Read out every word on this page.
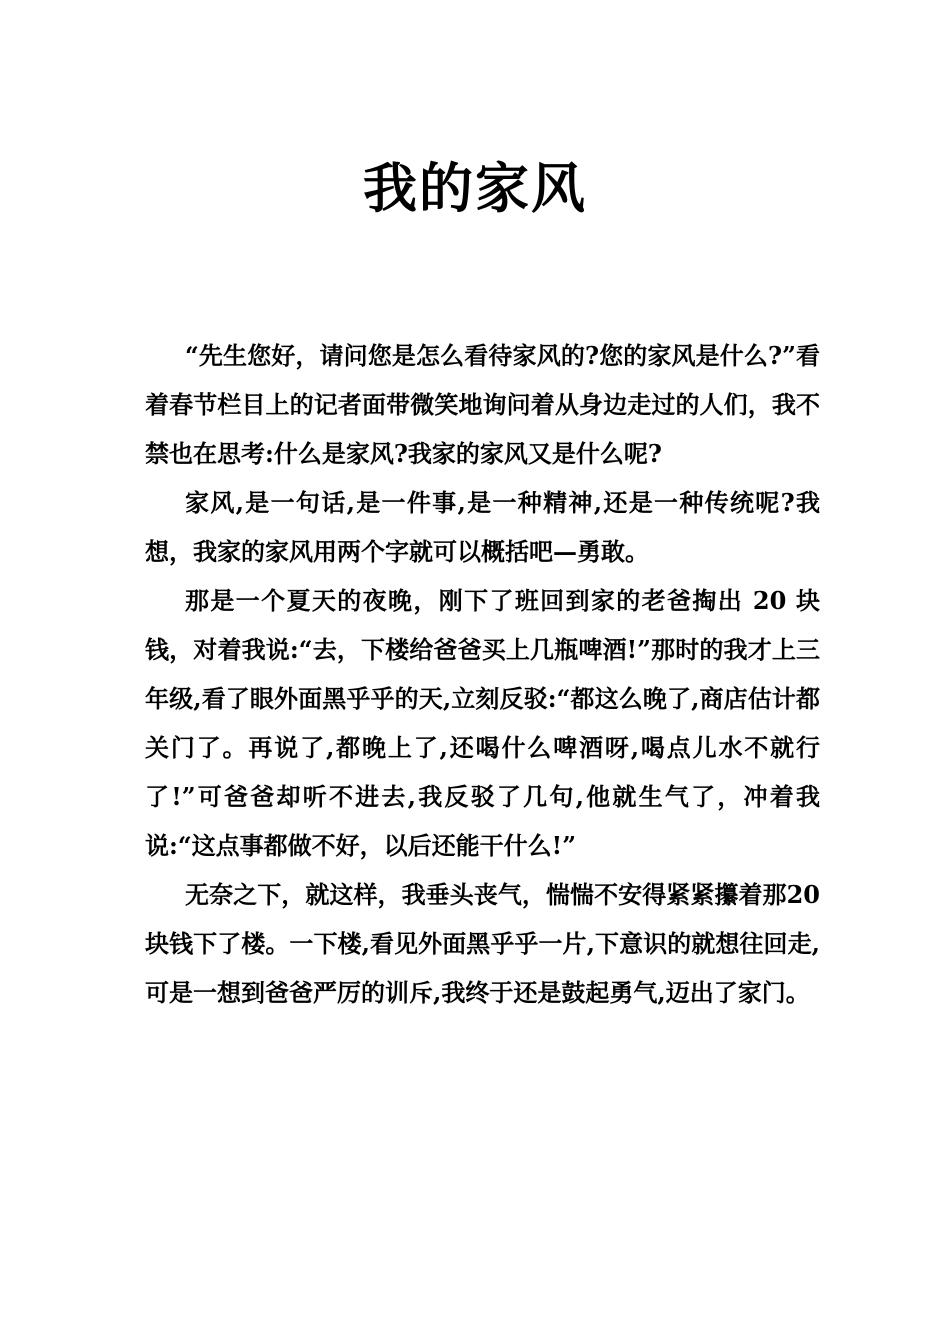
我的家风

“先生您好，请问您是怎么看待家风的?您的家风是什么?”看着春节栏目上的记者面带微笑地询问着从身边走过的人们，我不禁也在思考:什么是家风?我家的家风又是什么呢?

家风,是一句话,是一件事,是一种精神,还是一种传统呢?我想，我家的家风用两个字就可以概括吧—勇敢。

那是一个夏天的夜晚，刚下了班回到家的老爸掏出 20 块钱，对着我说:“去，下楼给爸爸买上几瓶啤酒!”那时的我才上三年级,看了眼外面黑乎乎的天,立刻反驳:“都这么晚了,商店估计都关门了。再说了,都晚上了,还喝什么啤酒呀,喝点儿水不就行了!”可爸爸却听不进去,我反驳了几句,他就生气了，冲着我说:“这点事都做不好，以后还能干什么!”

无奈之下，就这样，我垂头丧气，惴惴不安得紧紧攥着那20块钱下了楼。一下楼,看见外面黑乎乎一片,下意识的就想往回走,可是一想到爸爸严厉的训斥,我终于还是鼓起勇气,迈出了家门。
